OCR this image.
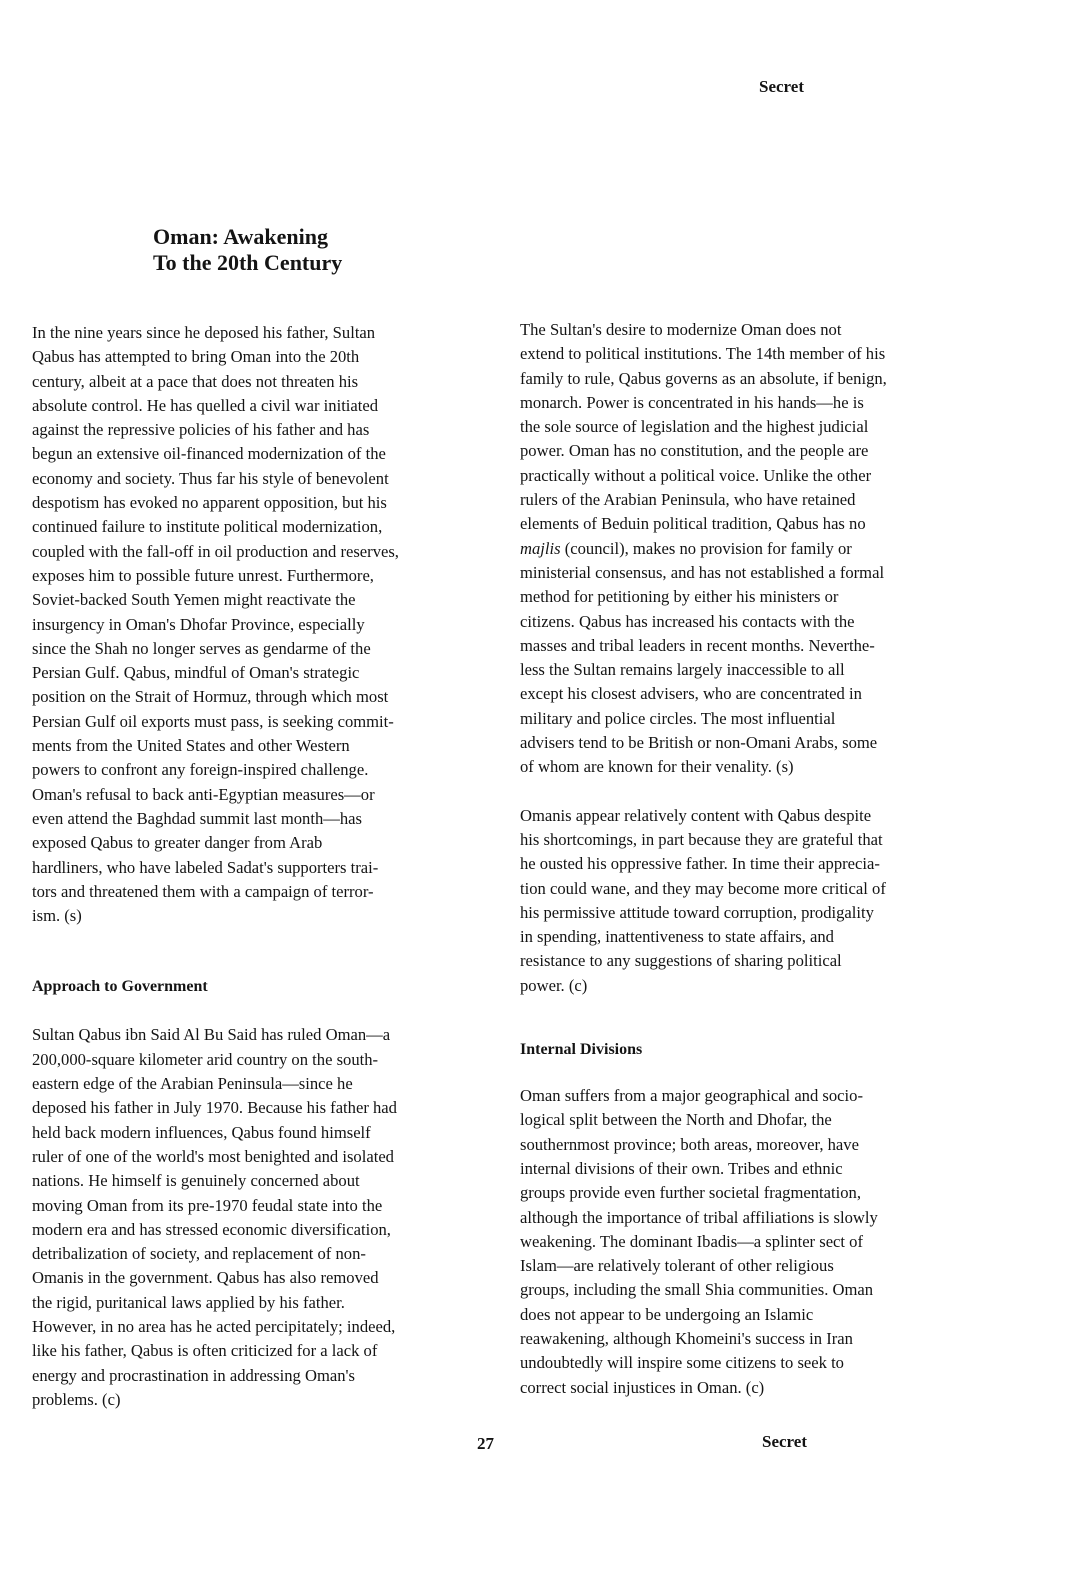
Secret
Oman: Awakening
To the 20th Century

In the nine years since he deposed his father, Sultan
Qabus has attempted to bring Oman into the 20th
century, albeit at a pace that does not threaten his
absolute control. He has quelled a civil war initiated
against the repressive policies of his father and has
begun an extensive oil-financed modernization of the
economy and society. Thus far his style of benevolent
despotism has evoked no apparent opposition, but his
continued failure to institute political modernization,
coupled with the fall-off in oil production and reserves,
exposes him to possible future unrest. Furthermore,
Soviet-backed South Yemen might reactivate the
insurgency in Oman's Dhofar Province, especially
since the Shah no longer serves as gendarme of the
Persian Gulf. Qabus, mindful of Oman's strategic
position on the Strait of Hormuz, through which most
Persian Gulf oil exports must pass, is seeking commit-
ments from the United States and other Western
powers to confront any foreign-inspired challenge.
Oman's refusal to back anti-Egyptian measures—or
even attend the Baghdad summit last month—has
exposed Qabus to greater danger from Arab
hardliners, who have labeled Sadat's supporters trai-
tors and threatened them with a campaign of terror-
ism. (s)

Approach to Government

Sultan Qabus ibn Said Al Bu Said has ruled Oman—a
200,000-square kilometer arid country on the south-
eastern edge of the Arabian Peninsula—since he
deposed his father in July 1970. Because his father had
held back modern influences, Qabus found himself
ruler of one of the world's most benighted and isolated
nations. He himself is genuinely concerned about
moving Oman from its pre-1970 feudal state into the
modern era and has stressed economic diversification,
detribalization of society, and replacement of non-
Omanis in the government. Qabus has also removed
the rigid, puritanical laws applied by his father.
However, in no area has he acted percipitately; indeed,
like his father, Qabus is often criticized for a lack of
energy and procrastination in addressing Oman's
problems. (c)

The Sultan's desire to modernize Oman does not
extend to political institutions. The 14th member of his
family to rule, Qabus governs as an absolute, if benign,
monarch. Power is concentrated in his hands—he is
the sole source of legislation and the highest judicial
power. Oman has no constitution, and the people are
practically without a political voice. Unlike the other
rulers of the Arabian Peninsula, who have retained
elements of Beduin political tradition, Qabus has no
majlis (council), makes no provision for family or
ministerial consensus, and has not established a formal
method for petitioning by either his ministers or
citizens. Qabus has increased his contacts with the
masses and tribal leaders in recent months. Neverthe-
less the Sultan remains largely inaccessible to all
except his closest advisers, who are concentrated in
military and police circles. The most influential
advisers tend to be British or non-Omani Arabs, some
of whom are known for their venality. (s)

Omanis appear relatively content with Qabus despite
his shortcomings, in part because they are grateful that
he ousted his oppressive father. In time their apprecia-
tion could wane, and they may become more critical of
his permissive attitude toward corruption, prodigality
in spending, inattentiveness to state affairs, and
resistance to any suggestions of sharing political
power. (c)

Internal Divisions

Oman suffers from a major geographical and socio-
logical split between the North and Dhofar, the
southernmost province; both areas, moreover, have
internal divisions of their own. Tribes and ethnic
groups provide even further societal fragmentation,
although the importance of tribal affiliations is slowly
weakening. The dominant Ibadis—a splinter sect of
Islam—are relatively tolerant of other religious
groups, including the small Shia communities. Oman
does not appear to be undergoing an Islamic
reawakening, although Khomeini's success in Iran
undoubtedly will inspire some citizens to seek to
correct social injustices in Oman. (c)

27	Secret
